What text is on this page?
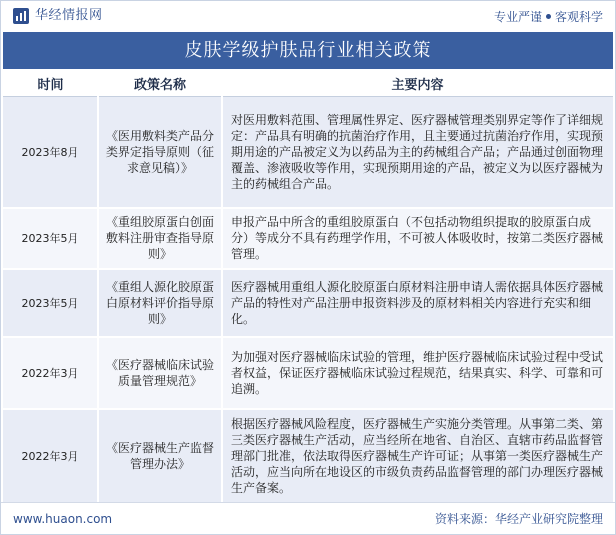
华经情报网	专业严谨 客观科学
皮肤学级护肤品行业相关政策
时间	政策名称	主要内容
2023年8月	《医用敷料类产品分类界定指导原则（征求意见稿）》	对医用敷料范围、管理属性界定、医疗器械管理类别界定等作了详细规定：产品具有明确的抗菌治疗作用，且主要通过抗菌治疗作用，实现预期用途的产品被定义为以药品为主的药械组合产品；产品通过创面物理覆盖、渗液吸收等作用，实现预期用途的产品，被定义为以医疗器械为主的药械组合产品。
2023年5月	《重组胶原蛋白创面敷料注册审查指导原则》	申报产品中所含的重组胶原蛋白（不包括动物组织提取的胶原蛋白成分）等成分不具有药理学作用，不可被人体吸收时，按第二类医疗器械管理。
2023年5月	《重组人源化胶原蛋白原材料评价指导原则》	医疗器械用重组人源化胶原蛋白原材料注册申请人需依据具体医疗器械产品的特性对产品注册申报资料涉及的原材料相关内容进行充实和细化。
2022年3月	《医疗器械临床试验质量管理规范》	为加强对医疗器械临床试验的管理，维护医疗器械临床试验过程中受试者权益，保证医疗器械临床试验过程规范，结果真实、科学、可靠和可追溯。
2022年3月	《医疗器械生产监督管理办法》	根据医疗器械风险程度，医疗器械生产实施分类管理。从事第二类、第三类医疗器械生产活动，应当经所在地省、自治区、直辖市药品监督管理部门批准，依法取得医疗器械生产许可证；从事第一类医疗器械生产活动，应当向所在地设区的市级负责药品监督管理的部门办理医疗器械生产备案。
www.huaon.com	资料来源：华经产业研究院整理
